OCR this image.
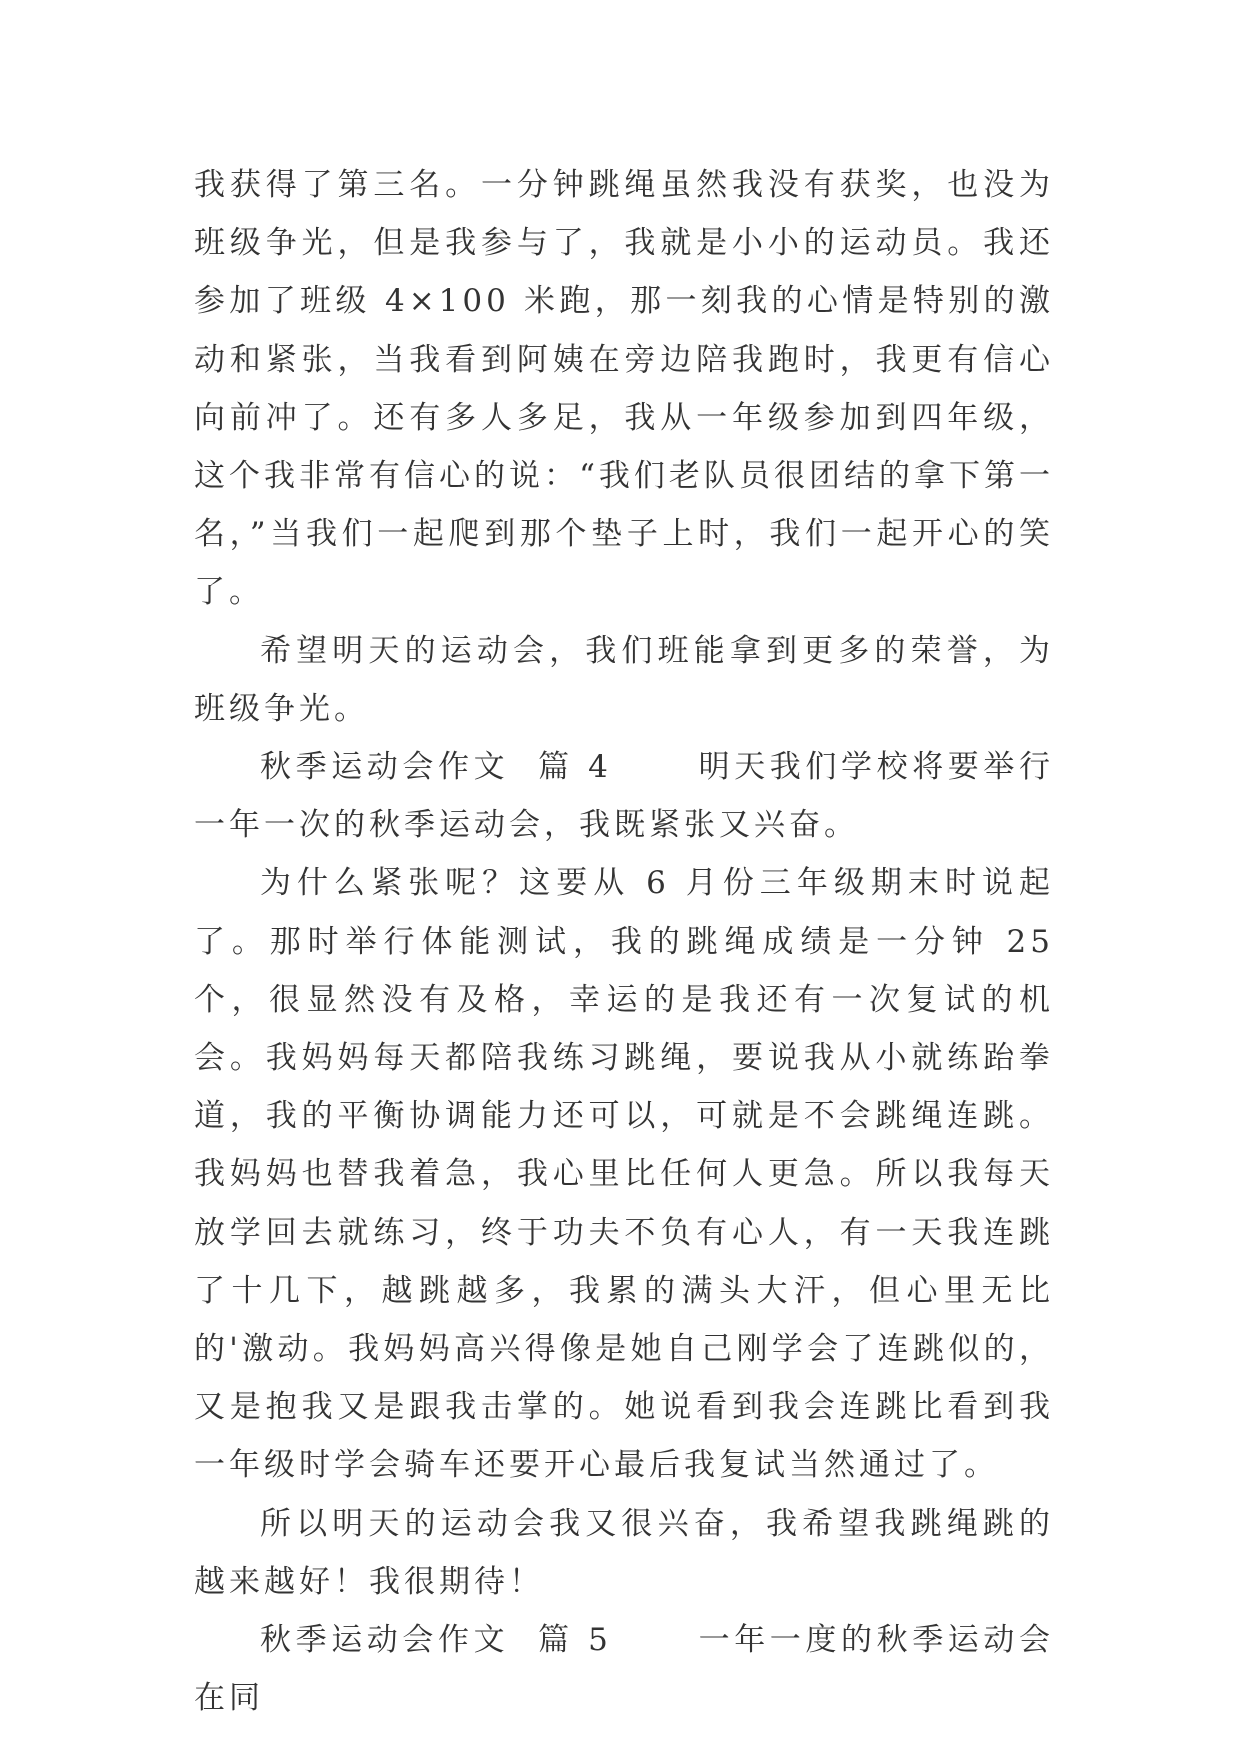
我获得了第三名。一分钟跳绳虽然我没有获奖，也没为班级争光，但是我参与了，我就是小小的运动员。我还参加了班级 4×100 米跑，那一刻我的心情是特别的激动和紧张，当我看到阿姨在旁边陪我跑时，我更有信心向前冲了。还有多人多足，我从一年级参加到四年级，这个我非常有信心的说：“我们老队员很团结的拿下第一名，”当我们一起爬到那个垫子上时，我们一起开心的笑了。

希望明天的运动会，我们班能拿到更多的荣誉，为班级争光。

秋季运动会作文  篇 4	明天我们学校将要举行一年一次的秋季运动会，我既紧张又兴奋。

为什么紧张呢？这要从 6 月份三年级期末时说起了。那时举行体能测试，我的跳绳成绩是一分钟 25 个，很显然没有及格，幸运的是我还有一次复试的机会。我妈妈每天都陪我练习跳绳，要说我从小就练跆拳道，我的平衡协调能力还可以，可就是不会跳绳连跳。我妈妈也替我着急，我心里比任何人更急。所以我每天放学回去就练习，终于功夫不负有心人，有一天我连跳了十几下，越跳越多，我累的满头大汗，但心里无比的'激动。我妈妈高兴得像是她自己刚学会了连跳似的，又是抱我又是跟我击掌的。她说看到我会连跳比看到我一年级时学会骑车还要开心最后我复试当然通过了。

所以明天的运动会我又很兴奋，我希望我跳绳跳的越来越好！我很期待！

秋季运动会作文  篇 5	一年一度的秋季运动会在同
